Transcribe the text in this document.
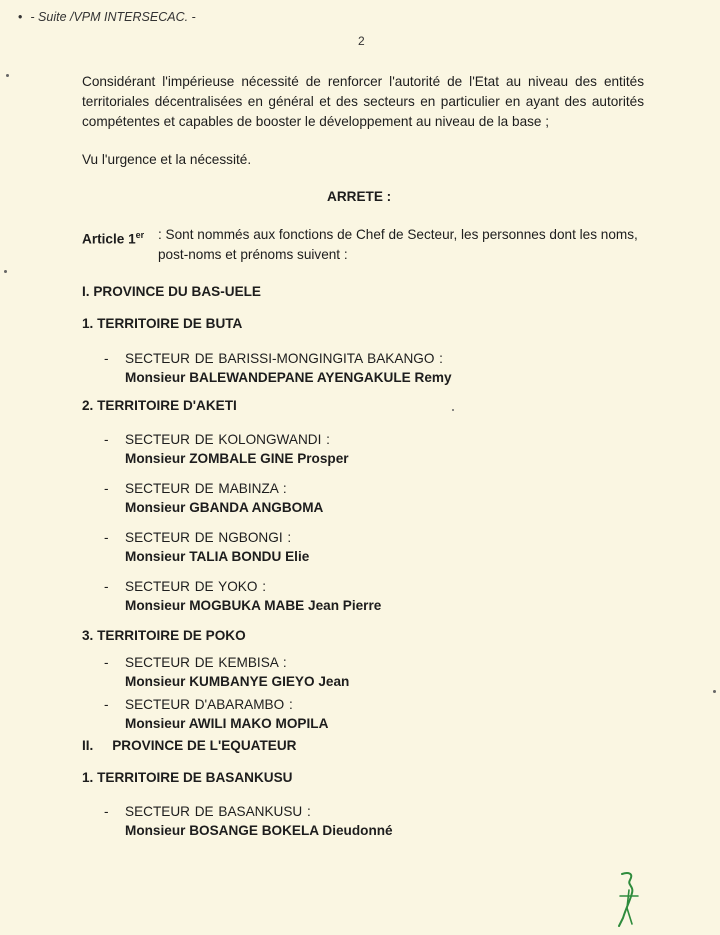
• - Suite /VPM INTERSECAC. -
2
Considérant l'impérieuse nécessité de renforcer l'autorité de l'Etat au niveau des entités territoriales décentralisées en général et des secteurs en particulier en ayant des autorités compétentes et capables de booster le développement au niveau de la base ;
Vu l'urgence et la nécessité.
ARRETE :
Article 1er : Sont nommés aux fonctions de Chef de Secteur, les personnes dont les noms, post-noms et prénoms suivent :
I. PROVINCE DU BAS-UELE
1. TERRITOIRE DE BUTA
- SECTEUR DE BARISSI-MONGINGITA BAKANGO :
Monsieur BALEWANDEPANE AYENGAKULE Remy
2. TERRITOIRE D'AKETI
- SECTEUR DE KOLONGWANDI :
Monsieur ZOMBALE GINE Prosper
- SECTEUR DE MABINZA :
Monsieur GBANDA ANGBOMA
- SECTEUR DE NGBONGI :
Monsieur TALIA BONDU Elie
- SECTEUR DE YOKO :
Monsieur MOGBUKA MABE Jean Pierre
3. TERRITOIRE DE POKO
- SECTEUR DE KEMBISA :
Monsieur KUMBANYE GIEYO Jean
- SECTEUR D'ABARAMBO :
Monsieur AWILI MAKO MOPILA
II.     PROVINCE DE L'EQUATEUR
1. TERRITOIRE DE BASANKUSU
- SECTEUR DE BASANKUSU :
Monsieur BOSANGE BOKELA Dieudonné
